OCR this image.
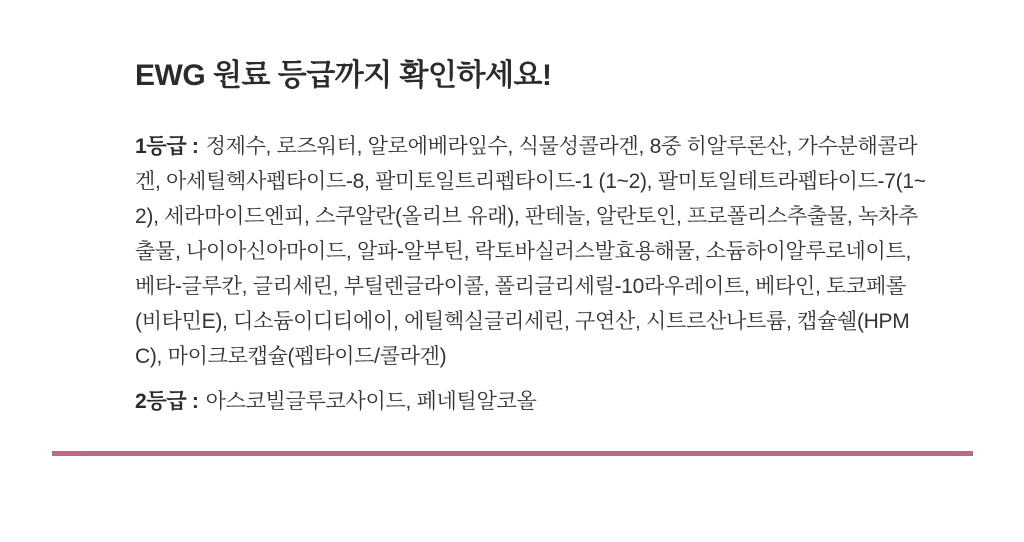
EWG 원료 등급까지 확인하세요!

1등급 : 정제수, 로즈워터, 알로에베라잎수, 식물성콜라겐, 8중 히알루론산, 가수분해콜라겐, 아세틸헥사펩타이드-8, 팔미토일트리펩타이드-1 (1~2), 팔미토일테트라펩타이드-7(1~2), 세라마이드엔피, 스쿠알란(올리브 유래), 판테놀, 알란토인, 프로폴리스추출물, 녹차추출물, 나이아신아마이드, 알파-알부틴, 락토바실러스발효용해물, 소듐하이알루로네이트, 베타-글루칸, 글리세린, 부틸렌글라이콜, 폴리글리세릴-10라우레이트, 베타인, 토코페롤(비타민E), 디소듐이디티에이, 에틸헥실글리세린, 구연산, 시트르산나트륨, 캡슐쉘(HPMC), 마이크로캡슐(펩타이드/콜라겐)

2등급 : 아스코빌글루코사이드, 페네틸알코올
